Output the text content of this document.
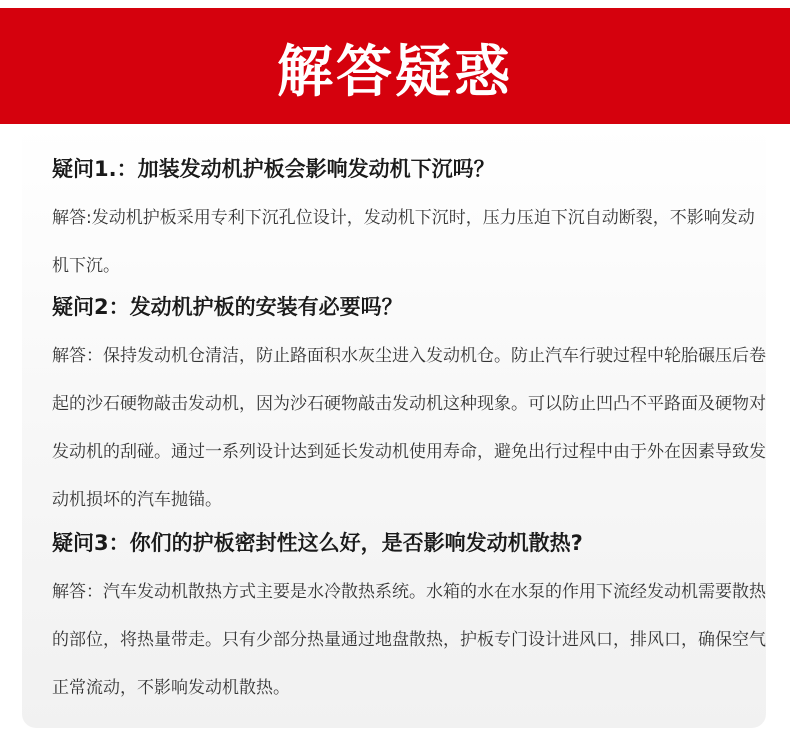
解答疑惑
疑问1.：加装发动机护板会影响发动机下沉吗？
解答:发动机护板采用专利下沉孔位设计，发动机下沉时，压力压迫下沉自动断裂，不影响发动机下沉。
疑问2：发动机护板的安装有必要吗？
解答：保持发动机仓清洁，防止路面积水灰尘进入发动机仓。防止汽车行驶过程中轮胎碾压后卷起的沙石硬物敲击发动机，因为沙石硬物敲击发动机这种现象。可以防止凹凸不平路面及硬物对发动机的刮碰。通过一系列设计达到延长发动机使用寿命，避免出行过程中由于外在因素导致发动机损坏的汽车抛锚。
疑问3：你们的护板密封性这么好，是否影响发动机散热?
解答：汽车发动机散热方式主要是水冷散热系统。水箱的水在水泵的作用下流经发动机需要散热的部位，将热量带走。只有少部分热量通过地盘散热，护板专门设计进风口，排风口，确保空气正常流动，不影响发动机散热。
